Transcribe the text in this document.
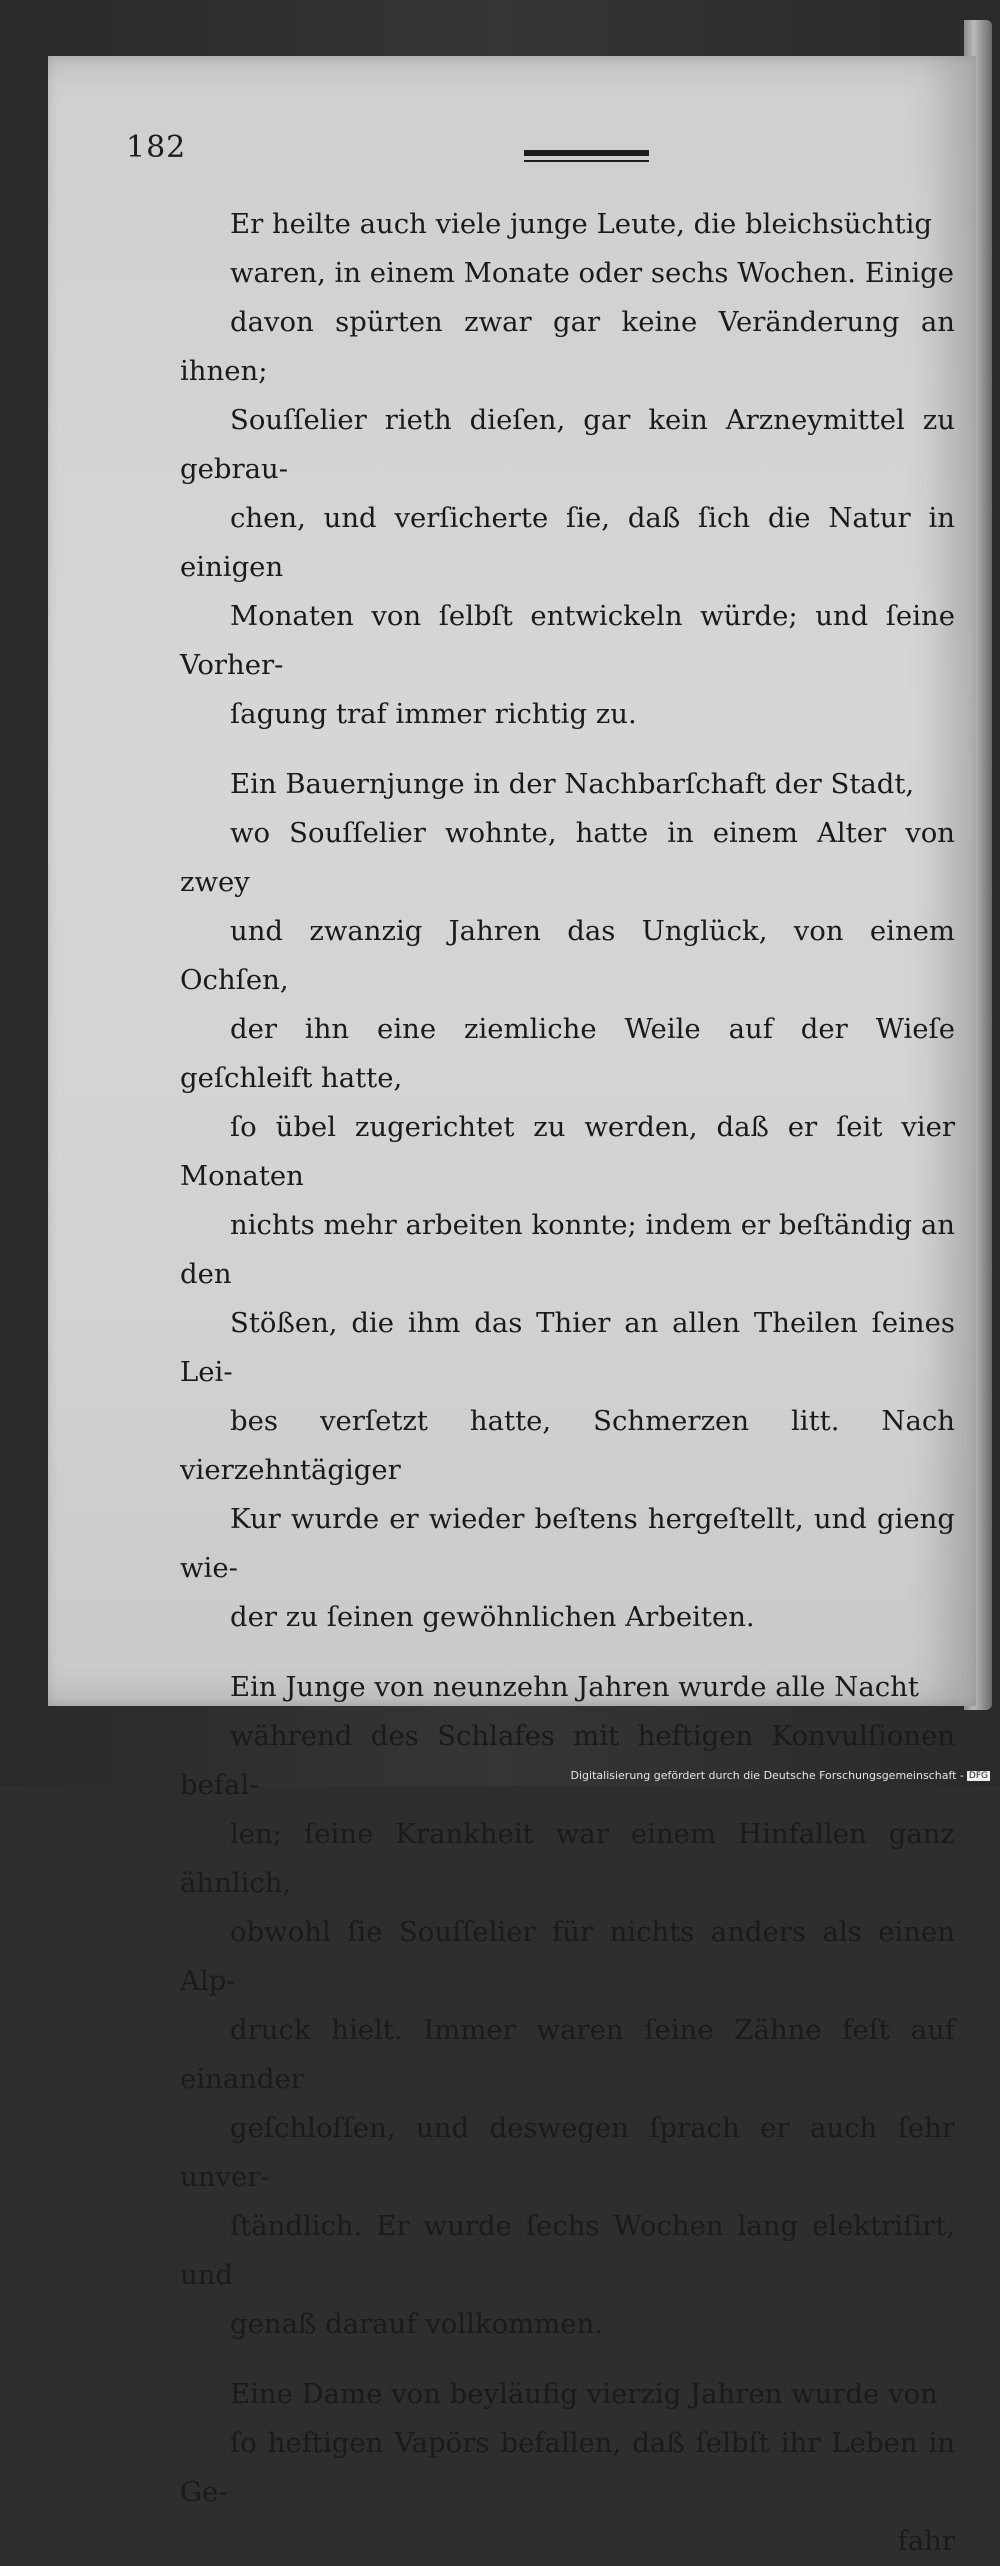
182

Er heilte auch viele junge Leute, die bleichsüchtig
waren, in einem Monate oder sechs Wochen. Einige
davon spürten zwar gar keine Veränderung an ihnen;
Souſſelier rieth dieſen, gar kein Arzneymittel zu gebrau-
chen, und verſicherte ſie, daß ſich die Natur in einigen
Monaten von ſelbſt entwickeln würde; und ſeine Vorher-
ſagung traf immer richtig zu.

Ein Bauernjunge in der Nachbarſchaft der Stadt,
wo Souſſelier wohnte, hatte in einem Alter von zwey
und zwanzig Jahren das Unglück, von einem Ochſen,
der ihn eine ziemliche Weile auf der Wieſe geſchleift hatte,
ſo übel zugerichtet zu werden, daß er ſeit vier Monaten
nichts mehr arbeiten konnte; indem er beſtändig an den
Stößen, die ihm das Thier an allen Theilen ſeines Lei-
bes verſetzt hatte, Schmerzen litt. Nach vierzehntägiger
Kur wurde er wieder beſtens hergeſtellt, und gieng wie-
der zu ſeinen gewöhnlichen Arbeiten.

Ein Junge von neunzehn Jahren wurde alle Nacht
während des Schlafes mit heftigen Konvulſionen befal-
len; ſeine Krankheit war einem Hinfallen ganz ähnlich,
obwohl ſie Souſſelier für nichts anders als einen Alp-
druck hielt. Immer waren ſeine Zähne feſt auf einander
geſchloſſen, und deswegen ſprach er auch ſehr unver-
ſtändlich. Er wurde ſechs Wochen lang elektriſirt, und
genaß darauf vollkommen.

Eine Dame von beyläufig vierzig Jahren wurde von
ſo heftigen Vapörs befallen, daß ſelbſt ihr Leben in Ge-
fahr

Digitalisierung gefördert durch die Deutsche Forschungsgemeinschaft - DFG
